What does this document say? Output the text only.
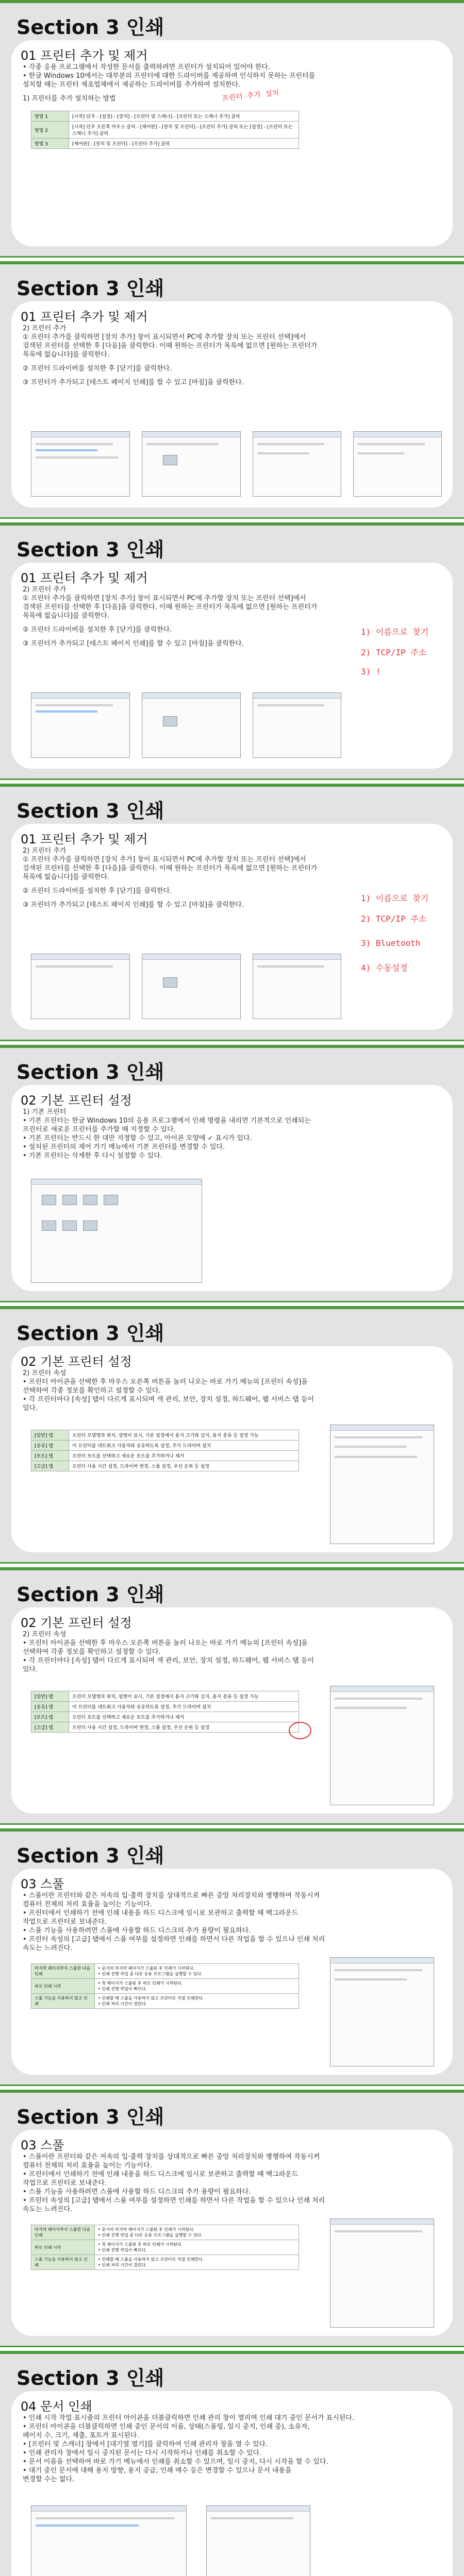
Section 3 인쇄
01 프린터 추가 및 제거
• 각종 응용 프로그램에서 작성한 문서를 출력하려면 프린터가 설치되어 있어야 한다.
• 한글 Windows 10에서는 대부분의 프린터에 대한 드라이버를 제공하며 인식하지 못하는 프린터를
설치할 때는 프린터 제조업체에서 제공하는 드라이버를 추가하여 설치한다.
1) 프린터를 추가 설치하는 방법
방법 1	[시작] 단추 - [설정] - [장치] - [프린터 및 스캐너] - [프린터 또는 스캐너 추가] 클릭
방법 2	[시작] 단추 오른쪽 마우스 클릭 - [제어판] - [장치 및 프린터] - [프린터 추가] 클릭 또는 [설정] - [프린터 또는 스캐너 추가] 클릭
방법 3	[제어판] - [장치 및 프린터] - [프린터 추가] 클릭
프린터 추가 설치
Section 3 인쇄
01 프린터 추가 및 제거
2) 프린터 추가
① 프린터 추가를 클릭하면 [장치 추가] 창이 표시되면서 PC에 추가할 장치 또는 프린터 선택]에서
검색된 프린터를 선택한 후 [다음]을 클릭한다. 이때 원하는 프린터가 목록에 없으면 [원하는 프린터가
목록에 없습니다]를 클릭한다.
② 프린터 드라이버를 설치한 후 [닫기]를 클릭한다.
③ 프린터가 추가되고 [테스트 페이지 인쇄]를 할 수 있고 [마침]을 클릭한다.
Section 3 인쇄
01 프린터 추가 및 제거
2) 프린터 추가
① 프린터 추가를 클릭하면 [장치 추가] 창이 표시되면서 PC에 추가할 장치 또는 프린터 선택]에서
검색된 프린터를 선택한 후 [다음]을 클릭한다. 이때 원하는 프린터가 목록에 없으면 [원하는 프린터가
목록에 없습니다]를 클릭한다.
② 프린터 드라이버를 설치한 후 [닫기]를 클릭한다.
③ 프린터가 추가되고 [테스트 페이지 인쇄]를 할 수 있고 [마침]을 클릭한다.
1) 이름으로 찾기
2) TCP/IP 주소
3) !
Section 3 인쇄
01 프린터 추가 및 제거
2) 프린터 추가
① 프린터 추가를 클릭하면 [장치 추가] 창이 표시되면서 PC에 추가할 장치 또는 프린터 선택]에서
검색된 프린터를 선택한 후 [다음]을 클릭한다. 이때 원하는 프린터가 목록에 없으면 [원하는 프린터가
목록에 없습니다]를 클릭한다.
② 프린터 드라이버를 설치한 후 [닫기]를 클릭한다.
③ 프린터가 추가되고 [테스트 페이지 인쇄]를 할 수 있고 [마침]을 클릭한다.
1) 이름으로 찾기
2) TCP/IP 주소
3) Bluetooth
4) 수동설정
Section 3 인쇄
02 기본 프린터 설정
1) 기본 프린터
• 기본 프린터는 한글 Windows 10의 응용 프로그램에서 인쇄 명령을 내리면 기본적으로 인쇄되는
프린터로 새로운 프린터를 추가할 때 지정할 수 있다.
• 기본 프린터는 반드시 한 대만 지정할 수 있고, 아이콘 모양에 ✓ 표시가 있다.
• 설치된 프린터의 제어 가기 메뉴에서 기본 프린터를 변경할 수 있다.
• 기본 프린터는 삭제한 후 다시 설정할 수 있다.
Section 3 인쇄
02 기본 프린터 설정
2) 프린터 속성
• 프린터 아이콘을 선택한 후 마우스 오른쪽 버튼을 눌러 나오는 바로 가기 메뉴의 [프린터 속성]을
선택하여 각종 정보를 확인하고 설정할 수 있다.
• 각 프린터마다 [속성] 탭이 다르게 표시되며 색 관리, 보안, 장치 설정, 하드웨어, 웹 서비스 탭 등이
있다.
[일반] 탭	프린터 모델명과 위치, 설명이 표시, 기본 설정에서 용지 크기와 급지, 용지 종류 등 설정 가능
[공유] 탭	이 프린터를 네트워크 사용자와 공유하도록 설정, 추가 드라이버 설치
[포트] 탭	프린터 포트를 선택하고 새로운 포트를 추가하거나 제거
[고급] 탭	프린터 사용 시간 설정, 드라이버 변경, 스풀 설정, 우선 순위 등 설정
Section 3 인쇄
02 기본 프린터 설정
2) 프린터 속성
• 프린터 아이콘을 선택한 후 마우스 오른쪽 버튼을 눌러 나오는 바로 가기 메뉴의 [프린터 속성]을
선택하여 각종 정보를 확인하고 설정할 수 있다.
• 각 프린터마다 [속성] 탭이 다르게 표시되며 색 관리, 보안, 장치 설정, 하드웨어, 웹 서비스 탭 등이
있다.
[일반] 탭	프린터 모델명과 위치, 설명이 표시, 기본 설정에서 용지 크기와 급지, 용지 종류 등 설정 가능
[공유] 탭	이 프린터를 네트워크 사용자와 공유하도록 설정, 추가 드라이버 설치
[포트] 탭	프린터 포트를 선택하고 새로운 포트를 추가하거나 제거
[고급] 탭	프린터 사용 시간 설정, 드라이버 변경, 스풀 설정, 우선 순위 등 설정
Section 3 인쇄
03 스풀
• 스풀이란 프린터와 같은 저속의 입·출력 장치를 상대적으로 빠른 중앙 처리장치와 병행하여 작동시켜
컴퓨터 전체의 처리 효율을 높이는 기능이다.
• 프린터에서 인쇄하기 전에 인쇄 내용을 하드 디스크에 임시로 보관하고 출력할 때 백그라운드
작업으로 프린터로 보내준다.
• 스풀 기능을 사용하려면 스풀에 사용할 하드 디스크의 추가 용량이 필요하다.
• 프린터 속성의 [고급] 탭에서 스풀 여부를 설정하면 인쇄를 하면서 다른 작업을 할 수 있으나 인쇄 처리
속도는 느려진다.
마지막 페이지까지 스풀한 다음 인쇄	• 문서의 마지막 페이지가 스풀된 후 인쇄가 시작된다.
• 인쇄 진행 작업 중 다른 응용 프로그램을 실행할 수 있다.
바로 인쇄 시작	• 첫 페이지가 스풀된 후 바로 인쇄가 시작된다.
• 인쇄 진행 작업이 빠르다.
스풀 기능을 사용하지 않고 인쇄	• 인쇄할 때 스풀을 사용하지 않고 프린터로 직접 인쇄한다.
• 인쇄 처리 시간이 걸린다.
Section 3 인쇄
03 스풀
• 스풀이란 프린터와 같은 저속의 입·출력 장치를 상대적으로 빠른 중앙 처리장치와 병행하여 작동시켜
컴퓨터 전체의 처리 효율을 높이는 기능이다.
• 프린터에서 인쇄하기 전에 인쇄 내용을 하드 디스크에 임시로 보관하고 출력할 때 백그라운드
작업으로 프린터로 보내준다.
• 스풀 기능을 사용하려면 스풀에 사용할 하드 디스크의 추가 용량이 필요하다.
• 프린터 속성의 [고급] 탭에서 스풀 여부를 설정하면 인쇄를 하면서 다른 작업을 할 수 있으나 인쇄 처리
속도는 느려진다.
마지막 페이지까지 스풀한 다음 인쇄	• 문서의 마지막 페이지가 스풀된 후 인쇄가 시작된다.
• 인쇄 진행 작업 중 다른 응용 프로그램을 실행할 수 있다.
바로 인쇄 시작	• 첫 페이지가 스풀된 후 바로 인쇄가 시작된다.
• 인쇄 진행 작업이 빠르다.
스풀 기능을 사용하지 않고 인쇄	• 인쇄할 때 스풀을 사용하지 않고 프린터로 직접 인쇄한다.
• 인쇄 처리 시간이 걸린다.
Section 3 인쇄
04 문서 인쇄
• 인쇄 시작 작업 표시줄의 프린터 아이콘을 더블클릭하면 인쇄 관리 창이 열리며 인쇄 대기 중인 문서가 표시된다.
• 프린터 아이콘을 더블클릭하면 인쇄 중인 문서의 이름, 상태(스풀링, 일시 중지, 인쇄 중), 소유자,
페이지 수, 크기, 제출, 포트가 표시된다.
• [프린터 및 스캐너] 창에서 [대기열 열기]를 클릭하여 인쇄 관리자 창을 열 수 있다.
• 인쇄 관리자 창에서 일시 중지된 문서는 다시 시작하거나 인쇄를 취소할 수 있다.
• 문서 이름을 선택하여 바로 가기 메뉴에서 인쇄를 취소할 수 있으며, 일시 중지, 다시 시작을 할 수 있다.
• 대기 중인 문서에 대해 용지 방향, 용지 공급, 인쇄 매수 등은 변경할 수 있으나 문서 내용을
변경할 수는 없다.
